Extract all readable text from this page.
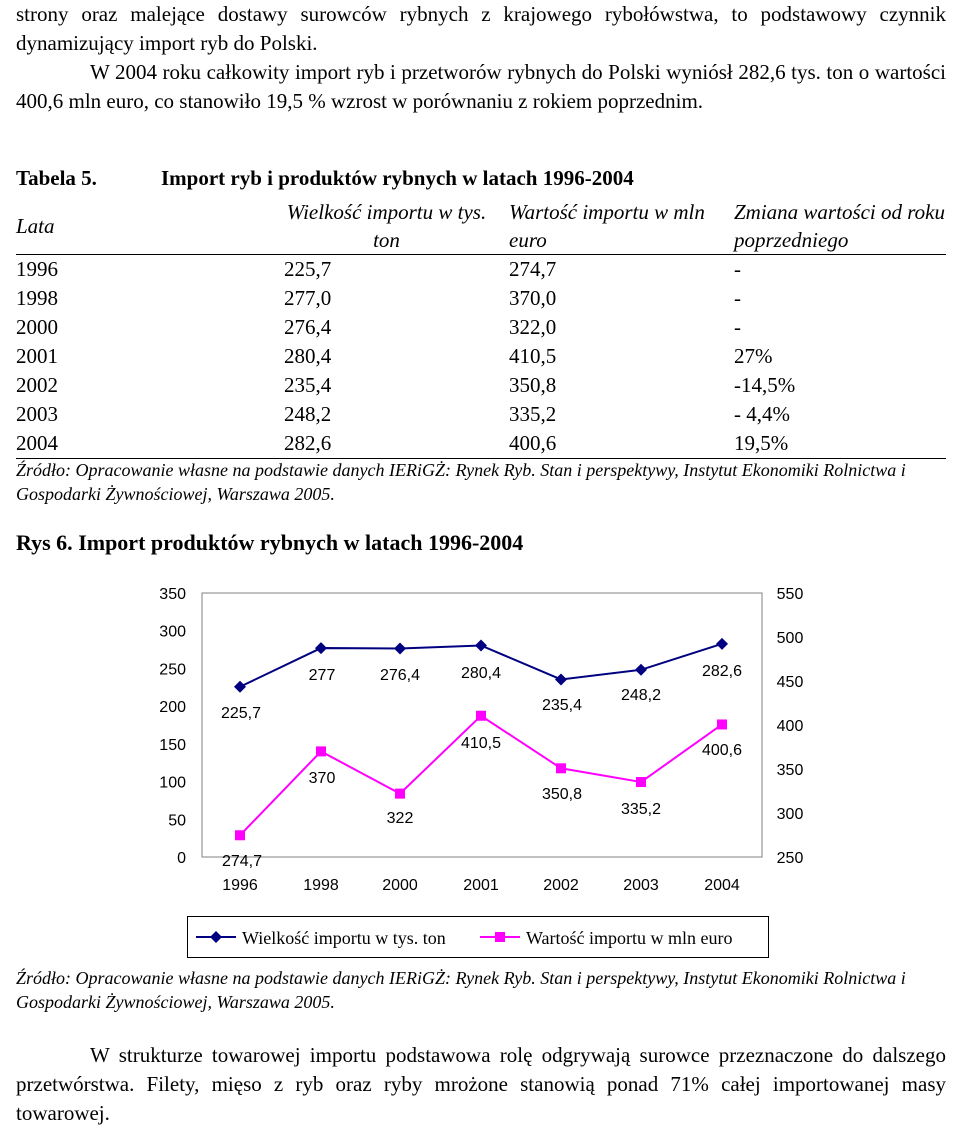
strony oraz malejące dostawy surowców rybnych z krajowego rybołówstwa, to podstawowy czynnik dynamizujący import ryb do Polski.

W 2004 roku całkowity import ryb i przetworów rybnych do Polski wyniósł 282,6 tys. ton o wartości 400,6 mln euro, co stanowiło 19,5 % wzrost w porównaniu z rokiem poprzednim.

Tabela 5.	Import ryb i produktów rybnych w latach 1996-2004
Lata	Wielkość importu w tys. ton	Wartość importu w mln euro	Zmiana wartości od roku poprzedniego
1996	225,7	274,7	-
1998	277,0	370,0	-
2000	276,4	322,0	-
2001	280,4	410,5	27%
2002	235,4	350,8	-14,5%
2003	248,2	335,2	- 4,4%
2004	282,6	400,6	19,5%
Źródło: Opracowanie własne na podstawie danych IERiGŻ: Rynek Ryb. Stan i perspektywy, Instytut Ekonomiki Rolnictwa i Gospodarki Żywnościowej, Warszawa 2005.
Rys 6. Import produktów rybnych w latach 1996-2004
0
50
100
150
200
250
300
350
250
300
350
400
450
500
550
1996	1998	2000	2001	2002	2003	2004
225,7
277	276,4	280,4
235,4
248,2
282,6
274,7
370
322
410,5
350,8
335,2
400,6
Wielkość importu w tys. ton	Wartość importu w mln euro
Źródło: Opracowanie własne na podstawie danych IERiGŻ: Rynek Ryb. Stan i perspektywy, Instytut Ekonomiki Rolnictwa i Gospodarki Żywnościowej, Warszawa 2005.
W strukturze towarowej importu podstawowa rolę odgrywają surowce przeznaczone do dalszego przetwórstwa. Filety, mięso z ryb oraz ryby mrożone stanowią ponad 71% całej importowanej masy towarowej.
